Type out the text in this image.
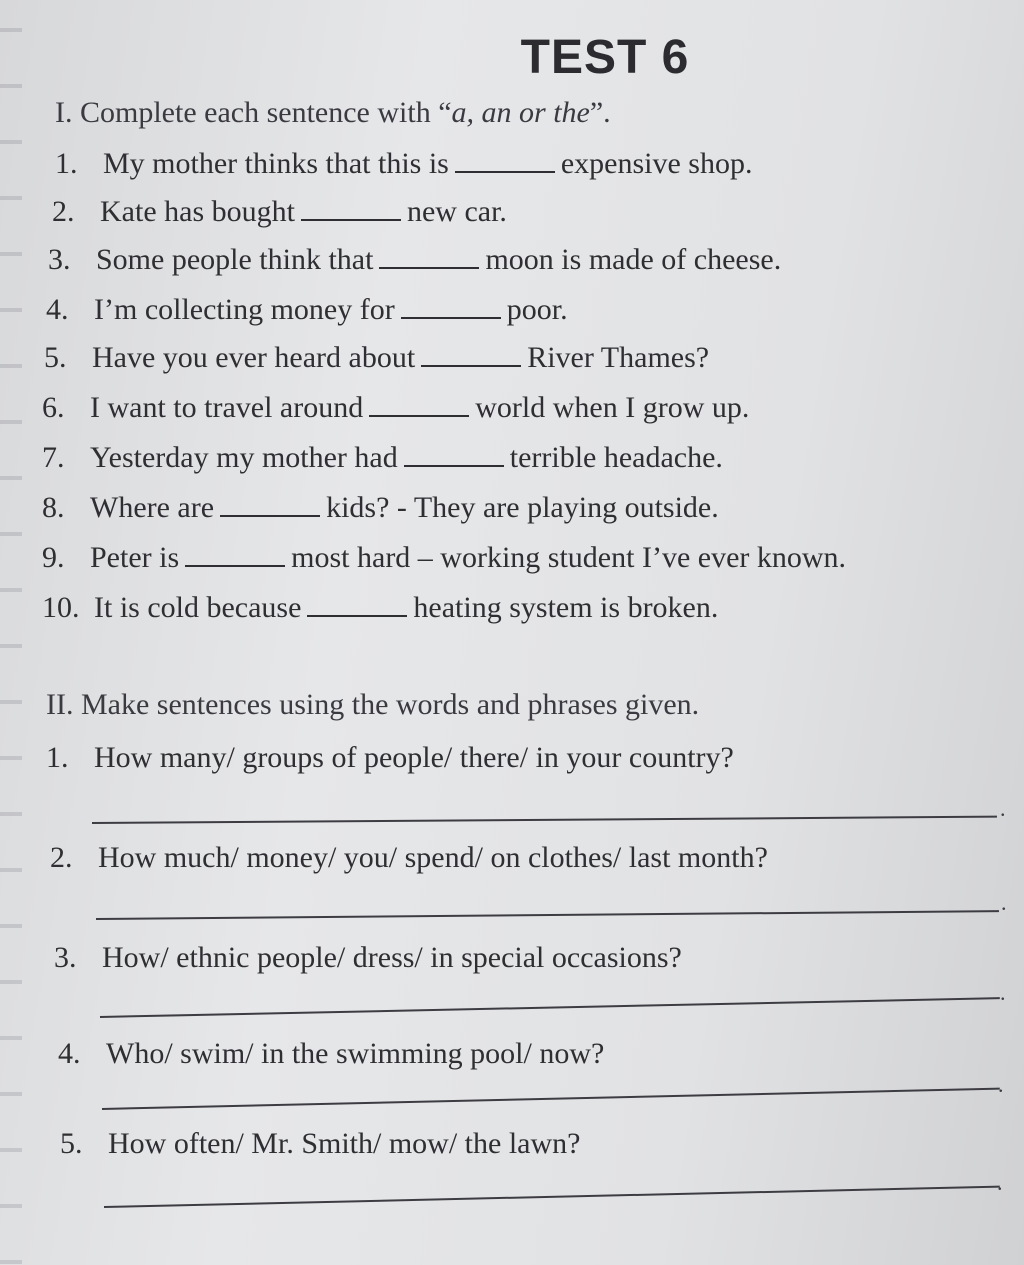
TEST 6
I. Complete each sentence with “a, an or the”.
1. My mother thinks that this is	expensive shop.
2. Kate has bought	new car.
3. Some people think that	moon is made of cheese.
4. I’m collecting money for	poor.
5. Have you ever heard about	River Thames?
6. I want to travel around	world when I grow up.
7. Yesterday my mother had	terrible headache.
8. Where are	kids? - They are playing outside.
9. Peter is	most hard – working student I’ve ever known.
10. It is cold because	heating system is broken.
II. Make sentences using the words and phrases given.
1. How many/ groups of people/ there/ in your country?
.
2. How much/ money/ you/ spend/ on clothes/ last month?
.
3. How/ ethnic people/ dress/ in special occasions?
.
4. Who/ swim/ in the swimming pool/ now?
.
5. How often/ Mr. Smith/ mow/ the lawn?
.
